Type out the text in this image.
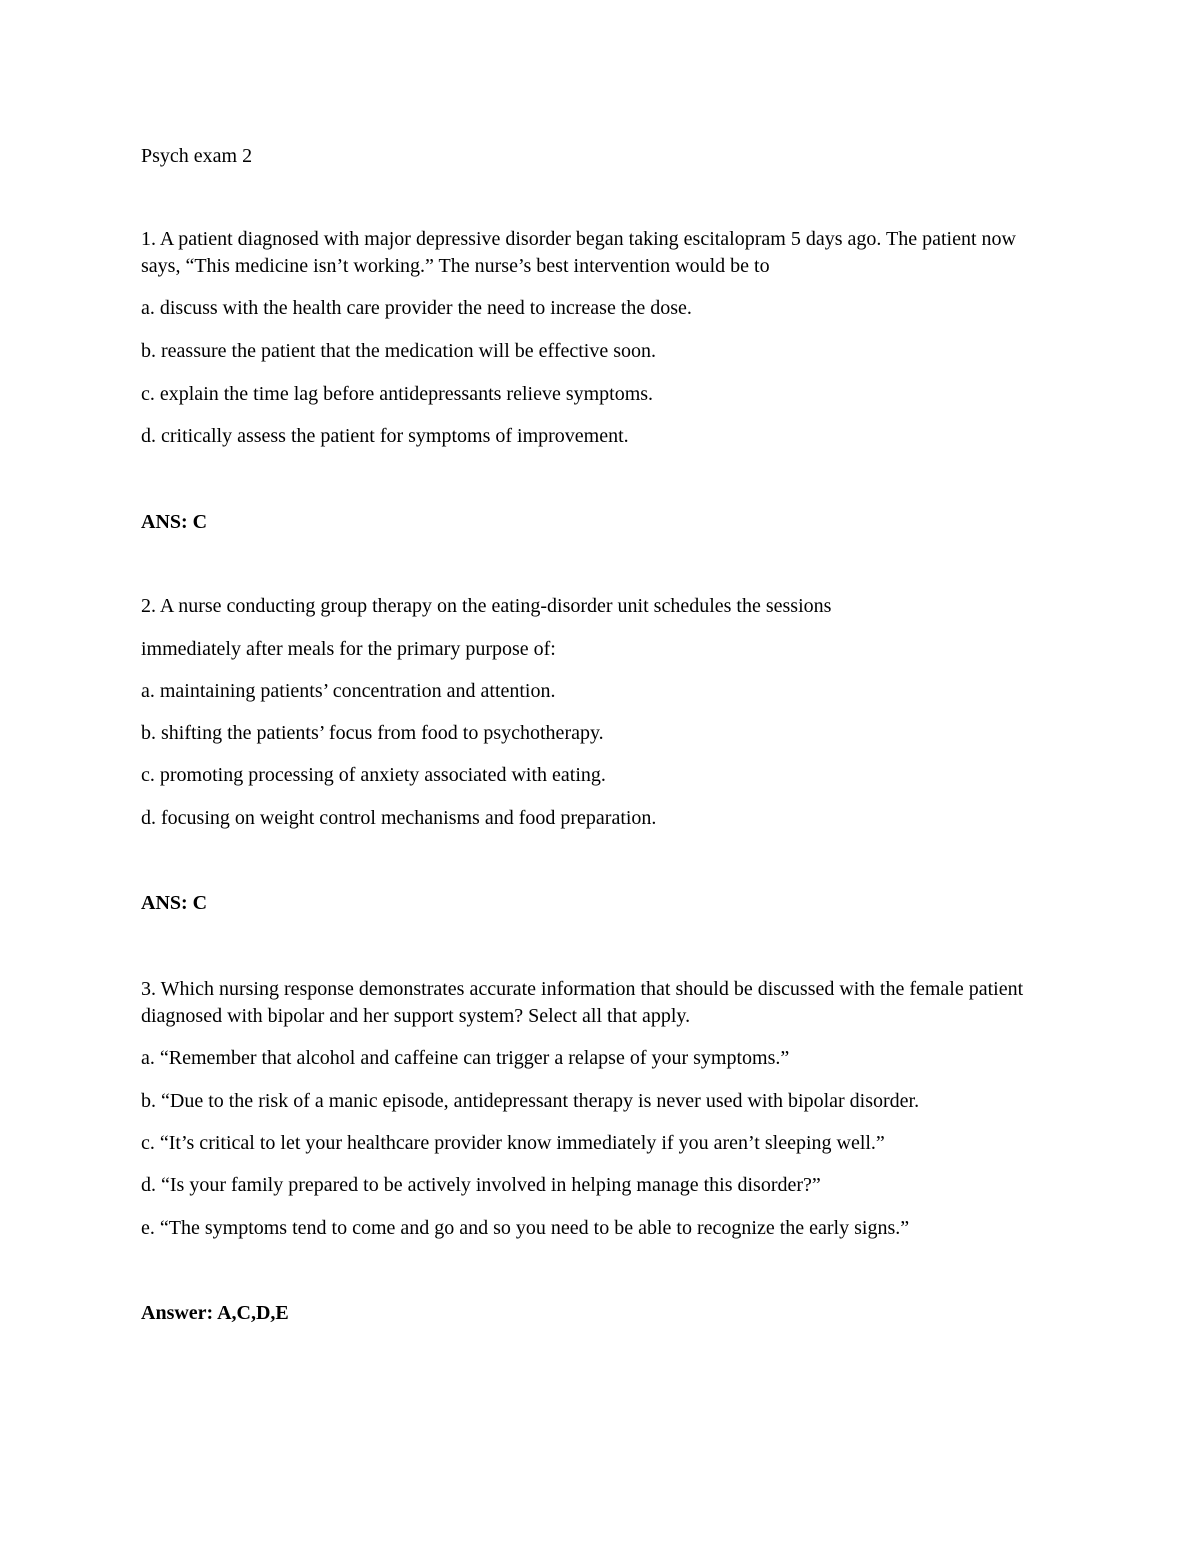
Psych exam 2
1. A patient diagnosed with major depressive disorder began taking escitalopram 5 days ago. The patient now says, “This medicine isn’t working.” The nurse’s best intervention would be to
a. discuss with the health care provider the need to increase the dose.
b. reassure the patient that the medication will be effective soon.
c. explain the time lag before antidepressants relieve symptoms.
d. critically assess the patient for symptoms of improvement.
ANS: C
2. A nurse conducting group therapy on the eating-disorder unit schedules the sessions
immediately after meals for the primary purpose of:
a. maintaining patients’ concentration and attention.
b. shifting the patients’ focus from food to psychotherapy.
c. promoting processing of anxiety associated with eating.
d. focusing on weight control mechanisms and food preparation.
ANS: C
3. Which nursing response demonstrates accurate information that should be discussed with the female patient diagnosed with bipolar and her support system? Select all that apply.
a. “Remember that alcohol and caffeine can trigger a relapse of your symptoms.”
b. “Due to the risk of a manic episode, antidepressant therapy is never used with bipolar disorder.
c. “It’s critical to let your healthcare provider know immediately if you aren’t sleeping well.”
d. “Is your family prepared to be actively involved in helping manage this disorder?”
e. “The symptoms tend to come and go and so you need to be able to recognize the early signs.”
Answer: A,C,D,E
